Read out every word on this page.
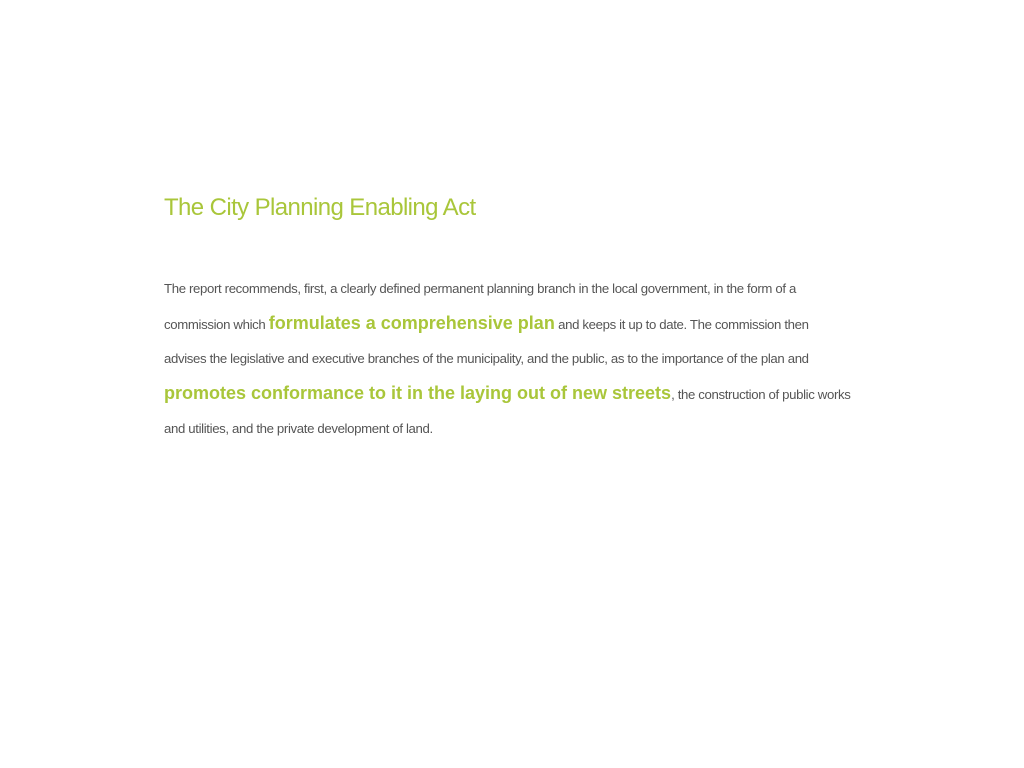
The City Planning Enabling Act

The report recommends, first, a clearly defined permanent planning branch in the local government, in the form of a commission which formulates a comprehensive plan and keeps it up to date. The commission then advises the legislative and executive branches of the municipality, and the public, as to the importance of the plan and promotes conformance to it in the laying out of new streets, the construction of public works and utilities, and the private development of land.
